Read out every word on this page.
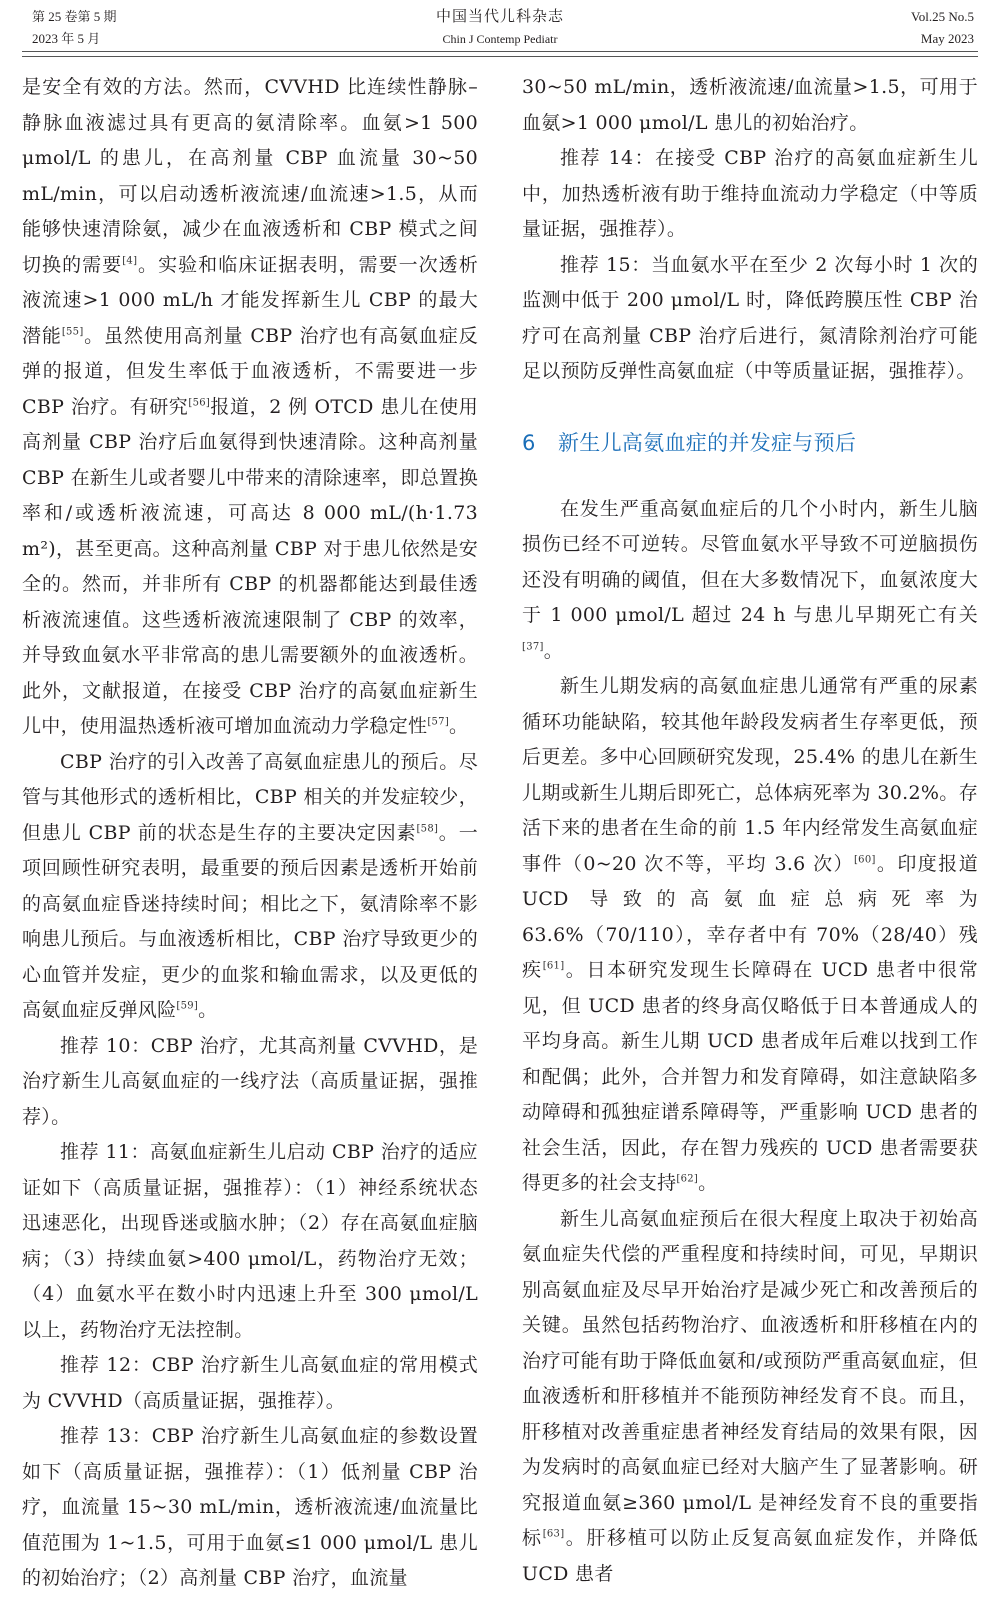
第 25 卷第 5 期
2023 年 5 月
中国当代儿科杂志
Chin J Contemp Pediatr
Vol.25 No.5
May 2023

是安全有效的方法。然而，CVVHD 比连续性静脉–静脉血液滤过具有更高的氨清除率。血氨>1 500 μmol/L 的患儿，在高剂量 CBP 血流量 30~50 mL/min，可以启动透析液流速/血流速>1.5，从而能够快速清除氨，减少在血液透析和 CBP 模式之间切换的需要[4]。实验和临床证据表明，需要一次透析液流速>1 000 mL/h 才能发挥新生儿 CBP 的最大潜能[55]。虽然使用高剂量 CBP 治疗也有高氨血症反弹的报道，但发生率低于血液透析，不需要进一步 CBP 治疗。有研究[56]报道，2 例 OTCD 患儿在使用高剂量 CBP 治疗后血氨得到快速清除。这种高剂量 CBP 在新生儿或者婴儿中带来的清除速率，即总置换率和/或透析液流速，可高达 8 000 mL/(h·1.73 m²)，甚至更高。这种高剂量 CBP 对于患儿依然是安全的。然而，并非所有 CBP 的机器都能达到最佳透析液流速值。这些透析液流速限制了 CBP 的效率，并导致血氨水平非常高的患儿需要额外的血液透析。此外，文献报道，在接受 CBP 治疗的高氨血症新生儿中，使用温热透析液可增加血流动力学稳定性[57]。

CBP 治疗的引入改善了高氨血症患儿的预后。尽管与其他形式的透析相比，CBP 相关的并发症较少，但患儿 CBP 前的状态是生存的主要决定因素[58]。一项回顾性研究表明，最重要的预后因素是透析开始前的高氨血症昏迷持续时间；相比之下，氨清除率不影响患儿预后。与血液透析相比，CBP 治疗导致更少的心血管并发症，更少的血浆和输血需求，以及更低的高氨血症反弹风险[59]。

推荐 10：CBP 治疗，尤其高剂量 CVVHD，是治疗新生儿高氨血症的一线疗法（高质量证据，强推荐）。

推荐 11：高氨血症新生儿启动 CBP 治疗的适应证如下（高质量证据，强推荐）：（1）神经系统状态迅速恶化，出现昏迷或脑水肿；（2）存在高氨血症脑病；（3）持续血氨>400 μmol/L，药物治疗无效；（4）血氨水平在数小时内迅速上升至 300 μmol/L 以上，药物治疗无法控制。

推荐 12：CBP 治疗新生儿高氨血症的常用模式为 CVVHD（高质量证据，强推荐）。

推荐 13：CBP 治疗新生儿高氨血症的参数设置如下（高质量证据，强推荐）：（1）低剂量 CBP 治疗，血流量 15~30 mL/min，透析液流速/血流量比值范围为 1~1.5，可用于血氨≤1 000 μmol/L 患儿的初始治疗；（2）高剂量 CBP 治疗，血流量

30~50 mL/min，透析液流速/血流量>1.5，可用于血氨>1 000 μmol/L 患儿的初始治疗。

推荐 14：在接受 CBP 治疗的高氨血症新生儿中，加热透析液有助于维持血流动力学稳定（中等质量证据，强推荐）。

推荐 15：当血氨水平在至少 2 次每小时 1 次的监测中低于 200 μmol/L 时，降低跨膜压性 CBP 治疗可在高剂量 CBP 治疗后进行，氮清除剂治疗可能足以预防反弹性高氨血症（中等质量证据，强推荐）。

6 新生儿高氨血症的并发症与预后

在发生严重高氨血症后的几个小时内，新生儿脑损伤已经不可逆转。尽管血氨水平导致不可逆脑损伤还没有明确的阈值，但在大多数情况下，血氨浓度大于 1 000 μmol/L 超过 24 h 与患儿早期死亡有关[37]。

新生儿期发病的高氨血症患儿通常有严重的尿素循环功能缺陷，较其他年龄段发病者生存率更低，预后更差。多中心回顾研究发现，25.4% 的患儿在新生儿期或新生儿期后即死亡，总体病死率为 30.2%。存活下来的患者在生命的前 1.5 年内经常发生高氨血症事件（0~20 次不等，平均 3.6 次）[60]。印度报道 UCD 导致的高氨血症总病死率为 63.6%（70/110），幸存者中有 70%（28/40）残疾[61]。日本研究发现生长障碍在 UCD 患者中很常见，但 UCD 患者的终身高仅略低于日本普通成人的平均身高。新生儿期 UCD 患者成年后难以找到工作和配偶；此外，合并智力和发育障碍，如注意缺陷多动障碍和孤独症谱系障碍等，严重影响 UCD 患者的社会生活，因此，存在智力残疾的 UCD 患者需要获得更多的社会支持[62]。

新生儿高氨血症预后在很大程度上取决于初始高氨血症失代偿的严重程度和持续时间，可见，早期识别高氨血症及尽早开始治疗是减少死亡和改善预后的关键。虽然包括药物治疗、血液透析和肝移植在内的治疗可能有助于降低血氨和/或预防严重高氨血症，但血液透析和肝移植并不能预防神经发育不良。而且，肝移植对改善重症患者神经发育结局的效果有限，因为发病时的高氨血症已经对大脑产生了显著影响。研究报道血氨≥360 μmol/L 是神经发育不良的重要指标[63]。肝移植可以防止反复高氨血症发作，并降低 UCD 患者
